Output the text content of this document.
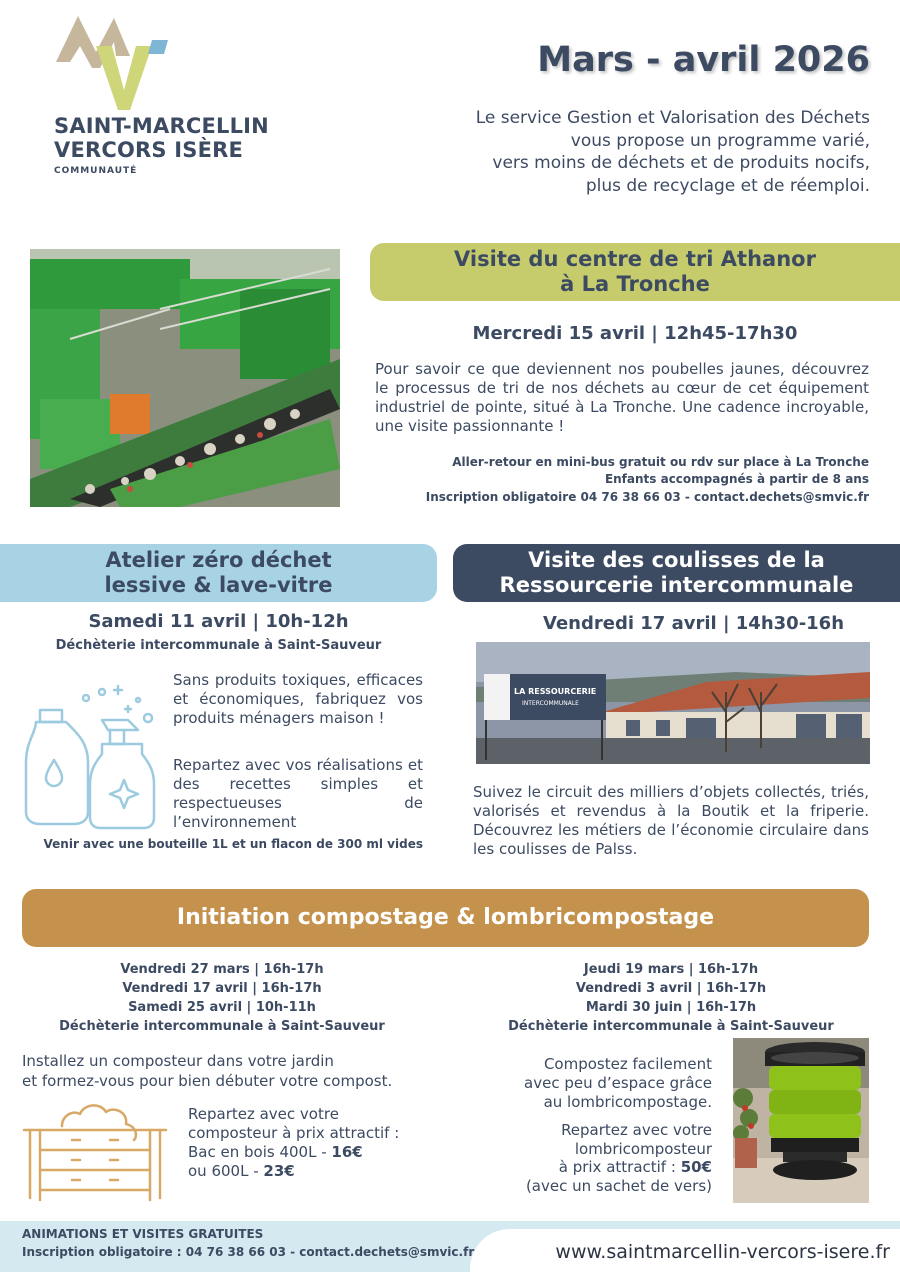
SAINT-MARCELLIN
VERCORS ISÈRE
COMMUNAUTÉ
Mars - avril 2026
Le service Gestion et Valorisation des Déchets
vous propose un programme varié,
vers moins de déchets et de produits nocifs,
plus de recyclage et de réemploi.
Visite du centre de tri Athanor
à La Tronche
Mercredi 15 avril | 12h45-17h30
Pour savoir ce que deviennent nos poubelles jaunes, découvrez le processus de tri de nos déchets au cœur de cet équipement industriel de pointe, situé à La Tronche. Une cadence incroyable, une visite passionnante !
Aller-retour en mini-bus gratuit ou rdv sur place à La Tronche
Enfants accompagnés à partir de 8 ans
Inscription obligatoire 04 76 38 66 03 - contact.dechets@smvic.fr
Atelier zéro déchet
lessive & lave-vitre
Samedi 11 avril | 10h-12h
Déchèterie intercommunale à Saint-Sauveur
Sans produits toxiques, efficaces et économiques, fabriquez vos produits ménagers maison !
Repartez avec vos réalisations et des recettes simples et respectueuses de l’environnement
Venir avec une bouteille 1L et un flacon de 300 ml vides
Visite des coulisses de la
Ressourcerie intercommunale
Vendredi 17 avril | 14h30-16h
LA RESSOURCERIE
INTERCOMMUNALE
Suivez le circuit des milliers d’objets collectés, triés, valorisés et revendus à la Boutik et la friperie. Découvrez les métiers de l’économie circulaire dans les coulisses de Palss.
Initiation compostage & lombricompostage
Vendredi 27 mars | 16h-17h
Vendredi 17 avril | 16h-17h
Samedi 25 avril | 10h-11h
Déchèterie intercommunale à Saint-Sauveur
Jeudi 19 mars | 16h-17h
Vendredi 3 avril | 16h-17h
Mardi 30 juin | 16h-17h
Déchèterie intercommunale à Saint-Sauveur
Installez un composteur dans votre jardin
et formez-vous pour bien débuter votre compost.
Repartez avec votre
composteur à prix attractif :
Bac en bois 400L - 16€
ou 600L - 23€
Compostez facilement
avec peu d’espace grâce
au lombricompostage.
Repartez avec votre
lombricomposteur
à prix attractif : 50€
(avec un sachet de vers)
ANIMATIONS ET VISITES GRATUITES
Inscription obligatoire : 04 76 38 66 03 - contact.dechets@smvic.fr	www.saintmarcellin-vercors-isere.fr
